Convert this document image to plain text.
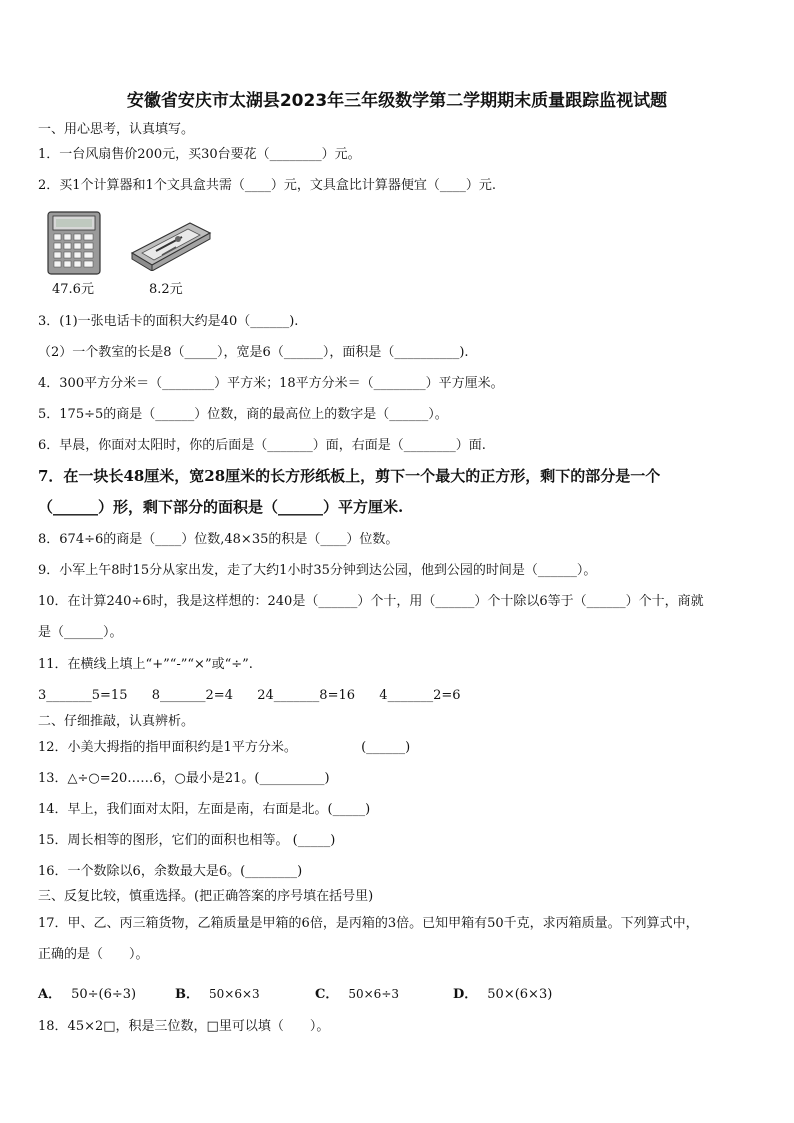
安徽省安庆市太湖县2023年三年级数学第二学期期末质量跟踪监视试题
一、用心思考，认真填写。
1．一台风扇售价200元，买30台要花（________）元。
2．买1个计算器和1个文具盒共需（____）元，文具盒比计算器便宜（____）元.
47.6元	8.2元
3．(1)一张电话卡的面积大约是40（______).
（2）一个教室的长是8（_____），宽是6（______），面积是（__________).
4．300平方分米＝（________）平方米；18平方分米＝（________）平方厘米。
5．175÷5的商是（______）位数，商的最高位上的数字是（______）。
6．早晨，你面对太阳时，你的后面是（_______）面，右面是（________）面.
7．在一块长48厘米，宽28厘米的长方形纸板上，剪下一个最大的正方形，剩下的部分是一个
（______）形，剩下部分的面积是（______）平方厘米.
8．674÷6的商是（____）位数,48×35的积是（____）位数。
9．小军上午8时15分从家出发，走了大约1小时35分钟到达公园，他到公园的时间是（______）。
10．在计算240÷6时，我是这样想的：240是（______）个十，用（______）个十除以6等于（______）个十，商就
是（______）。
11．在横线上填上“+”“-”“×”或“÷”.
3_______5=15 8_______2=4 24_______8=16 4_______2=6
二、仔细推敲，认真辨析。
12．小美大拇指的指甲面积约是1平方分米。	(______)
13．△÷○=20……6，○最小是21。(__________)
14．早上，我们面对太阳，左面是南，右面是北。(_____)
15．周长相等的图形，它们的面积也相等。 (_____)
16．一个数除以6，余数最大是6。(________)
三、反复比较，慎重选择。(把正确答案的序号填在括号里)
17．甲、乙、丙三箱货物，乙箱质量是甲箱的6倍，是丙箱的3倍。已知甲箱有50千克，求丙箱质量。下列算式中，
正确的是（　　）。
A． 50÷(6÷3)	B． 50×6×3	C． 50×6÷3	D． 50×(6×3)
18．45×2□，积是三位数，□里可以填（　　）。
